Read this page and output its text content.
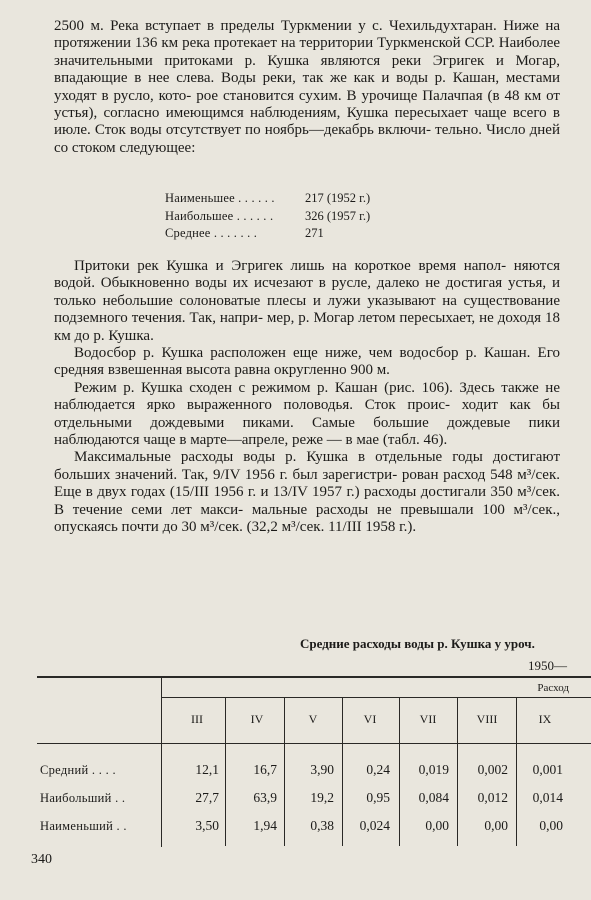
2500 м. Река вступает в пределы Туркмении у с. Чехильдухтаран. Ниже на протяжении 136 км река протекает на территории Туркменской ССР. Наиболее значительными притоками р. Кушка являются реки Эгригек и Могар, впадающие в нее слева. Воды реки, так же как и воды р. Кашан, местами уходят в русло, кото- рое становится сухим. В урочище Палачпая (в 48 км от устья), согласно имеющимся наблюдениям, Кушка пересыхает чаще всего в июле. Сток воды отсутствует по ноябрь—декабрь включи- тельно. Число дней со стоком следующее:

Наименьшее . . . . . .	217 (1952 г.)
Наибольшее . . . . . .	326 (1957 г.)
Среднее . . . . . . .	271

Притоки рек Кушка и Эгригек лишь на короткое время напол- няются водой. Обыкновенно воды их исчезают в русле, далеко не достигая устья, и только небольшие солоноватые плесы и лужи указывают на существование подземного течения. Так, напри- мер, р. Могар летом пересыхает, не доходя 18 км до р. Кушка.

Водосбор р. Кушка расположен еще ниже, чем водосбор р. Кашан. Его средняя взвешенная высота равна округленно 900 м.

Режим р. Кушка сходен с режимом р. Кашан (рис. 106). Здесь также не наблюдается ярко выраженного половодья. Сток проис- ходит как бы отдельными дождевыми пиками. Самые большие дождевые пики наблюдаются чаще в марте—апреле, реже — в мае (табл. 46).

Максимальные расходы воды р. Кушка в отдельные годы достигают больших значений. Так, 9/IV 1956 г. был зарегистри- рован расход 548 м³/сек. Еще в двух годах (15/III 1956 г. и 13/IV 1957 г.) расходы достигали 350 м³/сек. В течение семи лет макси- мальные расходы не превышали 100 м³/сек., опускаясь почти до 30 м³/сек. (32,2 м³/сек. 11/III 1958 г.).

Средние расходы воды р. Кушка у уроч.
1950—
Расход
III	IV	V	VI	VII	VIII	IX
Средний . . . .	12,1	16,7 3,90 0,24 0,019 0,002 0,001
Наибольший . .	27,7	63,9 19,2 0,95 0,084 0,012 0,014
Наименьший . .	3,50	1,94 0,38 0,024	0,00	0,00 0,00
340
